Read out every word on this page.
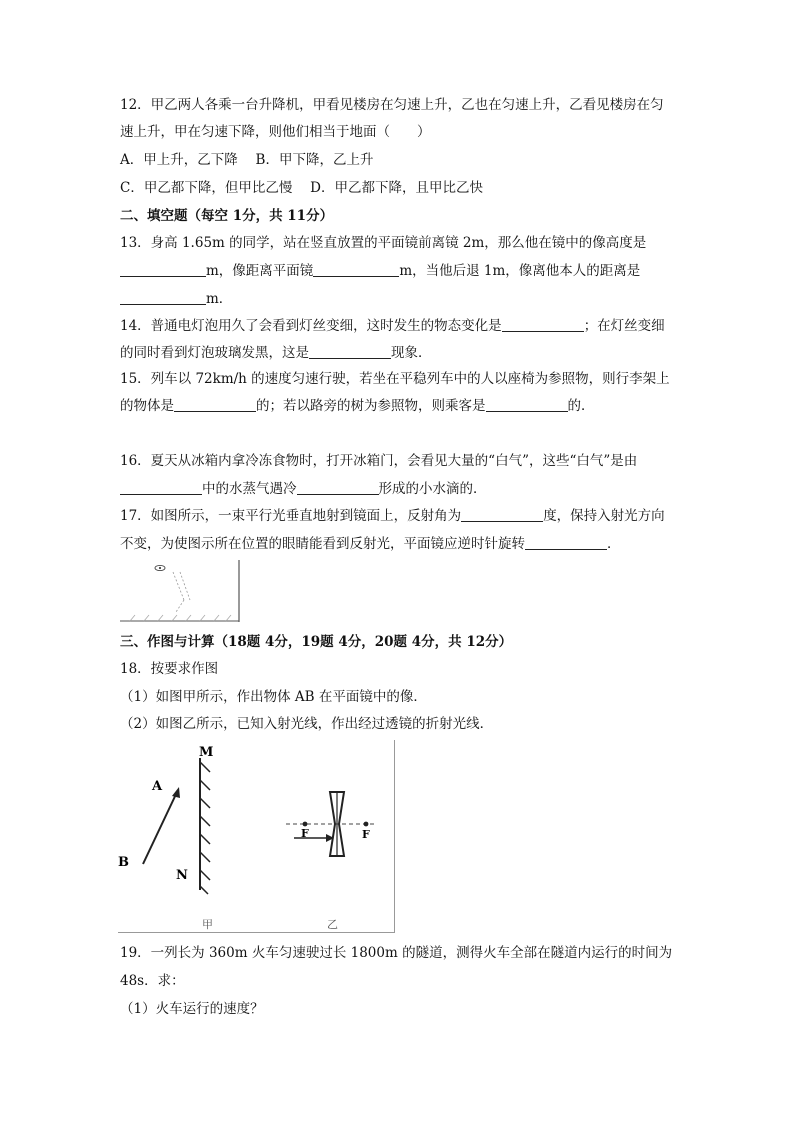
12．甲乙两人各乘一台升降机，甲看见楼房在匀速上升，乙也在匀速上升，乙看见楼房在匀
速上升，甲在匀速下降，则他们相当于地面（　　）
A．甲上升，乙下降　 B．甲下降，乙上升
C．甲乙都下降，但甲比乙慢　 D．甲乙都下降，且甲比乙快
二、填空题（每空 1分，共 11分）
13．身高 1.65m 的同学，站在竖直放置的平面镜前离镜 2m，那么他在镜中的像高度是
m，像距离平面镜	m，当他后退 1m，像离他本人的距离是
m．
14．普通电灯泡用久了会看到灯丝变细，这时发生的物态变化是	；在灯丝变细
的同时看到灯泡玻璃发黑，这是	现象．
15．列车以 72km/h 的速度匀速行驶，若坐在平稳列车中的人以座椅为参照物，则行李架上
的物体是	的；若以路旁的树为参照物，则乘客是	的．
16．夏天从冰箱内拿冷冻食物时，打开冰箱门，会看见大量的“白气”，这些“白气”是由
中的水蒸气遇冷	形成的小水滴的．
17．如图所示，一束平行光垂直地射到镜面上，反射角为	度，保持入射光方向
不变，为使图示所在位置的眼睛能看到反射光，平面镜应逆时针旋转	．
三、作图与计算（18题 4分，19题 4分，20题 4分，共 12分）
18．按要求作图
（1）如图甲所示，作出物体 AB 在平面镜中的像．
（2）如图乙所示，已知入射光线，作出经过透镜的折射光线．
M
A
B
N
F	F
甲	乙
19．一列长为 360m 火车匀速驶过长 1800m 的隧道，测得火车全部在隧道内运行的时间为
48s．求：
（1）火车运行的速度？
